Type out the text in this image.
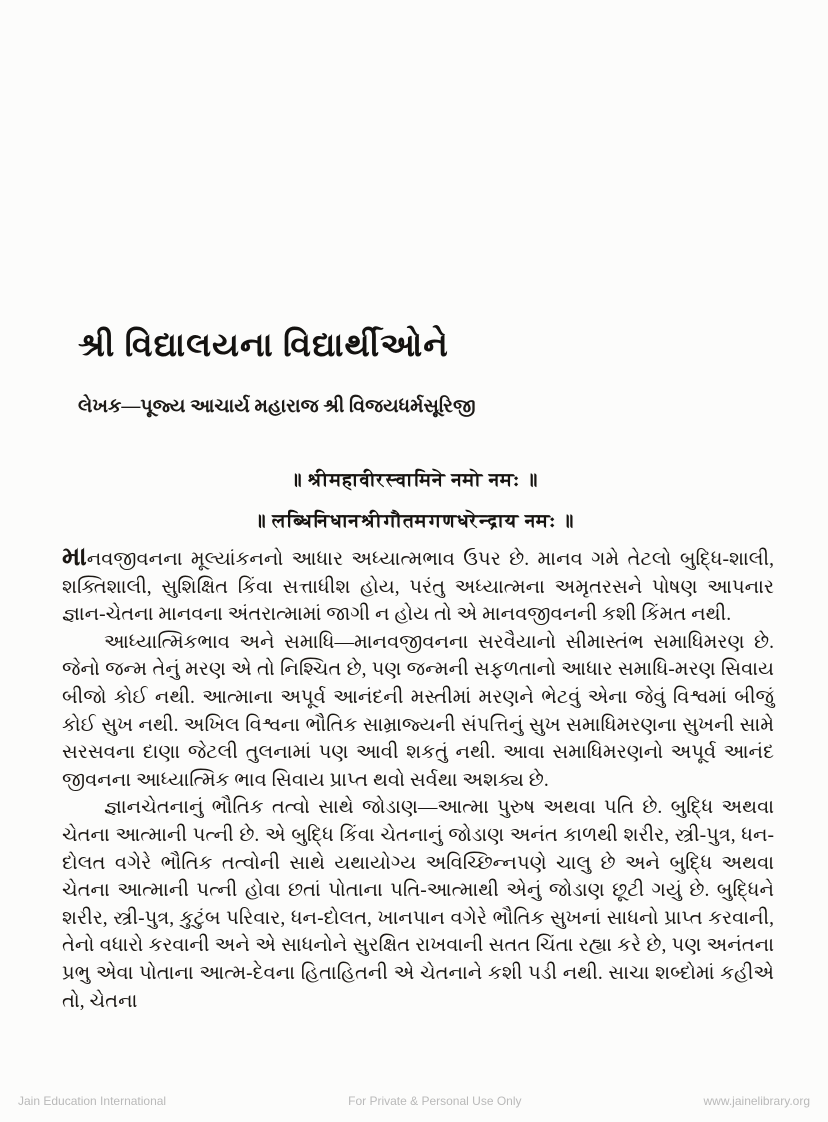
શ્રી વિદ્યાલયના વિદ્યાર્થીઓને
લેખક—પૂજ્ય આચાર્ય મહારાજ શ્રી વિજયધર્મસૂરિજી
॥ श्रीमहावीरस्वामिने नमो नमः ॥
॥ लब्धिनिधानश्रीगौतमगणधरेन्द्राय नमः ॥

માનવજીવનના મૂલ્યાંકનનો આધાર અધ્યાત્મભાવ ઉપર છે. માનવ ગમે તેટલો બુદ્ધિ-શાલી, શક્તિશાલી, સુશિક્ષિત કિંવા સત્તાધીશ હોય, પરંતુ અધ્યાત્મના અમૃતરસને પોષણ આપનાર જ્ઞાન-ચેતના માનવના અંતરાત્મામાં જાગી ન હોય તો એ માનવજીવનની કશી કિંમત નથી.

આધ્યાત્મિકભાવ અને સમાધિ—માનવજીવનના સરવૈયાનો સીમાસ્તંભ સમાધિમરણ છે. જેનો જન્મ તેનું મરણ એ તો નિશ્ચિત છે, પણ જન્મની સફળતાનો આધાર સમાધિ-મરણ સિવાય બીજો કોઈ નથી. આત્માના અપૂર્વ આનંદની મસ્તીમાં મરણને ભેટવું એના જેવું વિશ્વમાં બીજું કોઈ સુખ નથી. અખિલ વિશ્વના ભૌતિક સામ્રાજ્યની સંપત્તિનું સુખ સમાધિમરણના સુખની સામે સરસવના દાણા જેટલી તુલનામાં પણ આવી શકતું નથી. આવા સમાધિમરણનો અપૂર્વ આનંદ જીવનના આધ્યાત્મિક ભાવ સિવાય પ્રાપ્ત થવો સર્વથા અશક્ય છે.

જ્ઞાનચેતનાનું ભૌતિક તત્વો સાથે જોડાણ—આત્મા પુરુષ અથવા પતિ છે. બુદ્ધિ અથવા ચેતના આત્માની પત્ની છે. એ બુદ્ધિ કિંવા ચેતનાનું જોડાણ અનંત કાળથી શરીર, સ્ત્રી-પુત્ર, ધન-દોલત વગેરે ભૌતિક તત્વોની સાથે યથાયોગ્ય અવિચ્છિન્નપણે ચાલુ છે અને બુદ્ધિ અથવા ચેતના આત્માની પત્ની હોવા છતાં પોતાના પતિ-આત્માથી એનું જોડાણ છૂટી ગયું છે. બુદ્ધિને શરીર, સ્ત્રી-પુત્ર, કુટુંબ પરિવાર, ધન-દોલત, ખાનપાન વગેરે ભૌતિક સુખનાં સાધનો પ્રાપ્ત કરવાની, તેનો વધારો કરવાની અને એ સાધનોને સુરક્ષિત રાખવાની સતત ચિંતા રહ્યા કરે છે, પણ અનંતના પ્રભુ એવા પોતાના આત્મ-દેવના હિતાહિતની એ ચેતનાને કશી પડી નથી. સાચા શબ્દોમાં કહીએ તો, ચેતના

Jain Education International	For Private & Personal Use Only	www.jainelibrary.org
